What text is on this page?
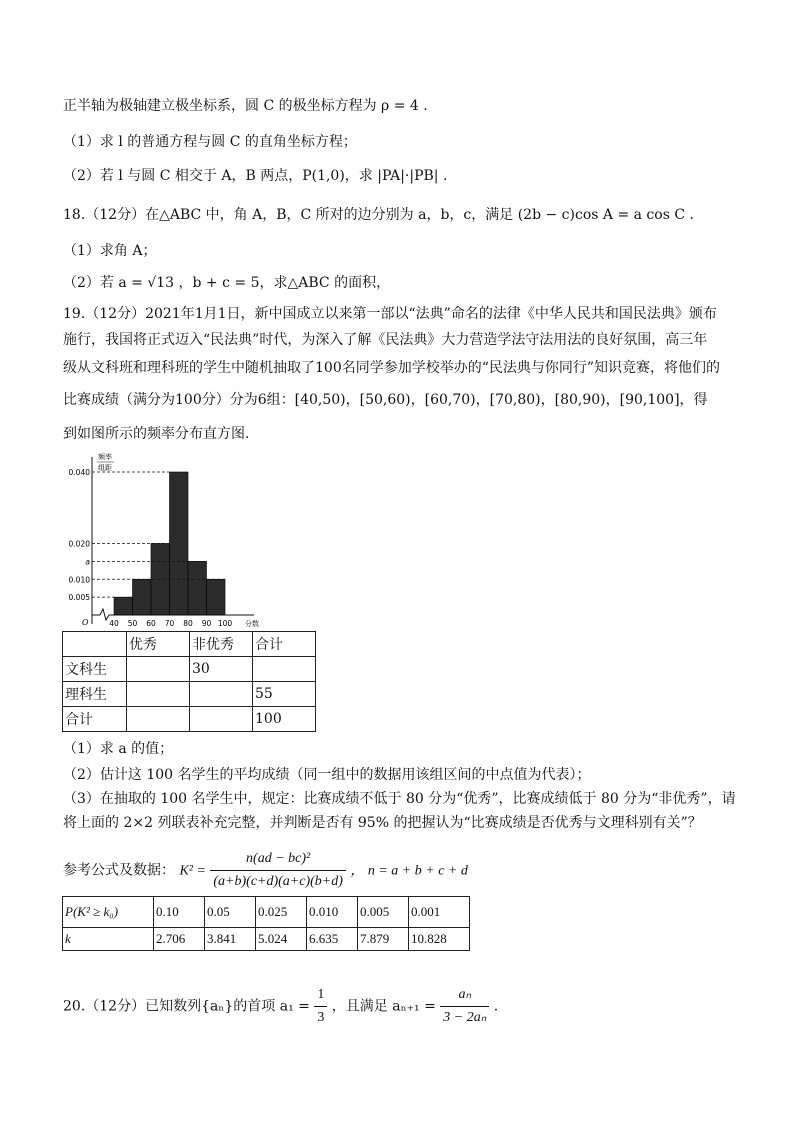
正半轴为极轴建立极坐标系，圆 C 的极坐标方程为 ρ = 4 .
（1）求 l 的普通方程与圆 C 的直角坐标方程；
（2）若 l 与圆 C 相交于 A，B 两点，P(1,0)，求 |PA|·|PB| .
18.（12分）在△ABC 中，角 A，B，C 所对的边分别为 a，b，c，满足 (2b − c)cos A = a cos C .
（1）求角 A；
（2）若 a = √13 ，b + c = 5，求△ABC 的面积，
19.（12分）2021年1月1日，新中国成立以来第一部以“法典”命名的法律《中华人民共和国民法典》颁布
施行，我国将正式迈入“民法典”时代，为深入了解《民法典》大力营造学法守法用法的良好氛围，高三年
级从文科班和理科班的学生中随机抽取了100名同学参加学校举办的“民法典与你同行”知识竞赛，将他们的
比赛成绩（满分为100分）分为6组：[40,50)，[50,60)，[60,70)，[70,80)，[80,90)，[90,100]，得
到如图所示的频率分布直方图.
频率
组距
O	分数
0.005
0.010
a
0.020
0.040
40 50 60 70 80 90 100
	优秀	非优秀	合计
文科生		30	
理科生			55
合计			100
（1）求 a 的值；
（2）估计这 100 名学生的平均成绩（同一组中的数据用该组区间的中点值为代表）；
（3）在抽取的 100 名学生中，规定：比赛成绩不低于 80 分为“优秀”，比赛成绩低于 80 分为“非优秀”，请
将上面的 2×2 列联表补充完整，并判断是否有 95% 的把握认为“比赛成绩是否优秀与文理科别有关”？
参考公式及数据： $K^2 = \frac{\text{n(ad − bc)²}}{(a+b)(c+d)(a+c)(b+d)}$ ， n = a + b + c + d
P(K² ≥ k₀)	0.10	0.05	0.025	0.010	0.005	0.001
k	2.706	3.841	5.024	6.635	7.879	10.828
20.（12分）已知数列{aₙ}的首项 $a_1 = \frac{1}{3}$ ，且满足 $a_{n+1} = \frac{\text{aₙ}}{\text{3 − 2aₙ}}$ .
